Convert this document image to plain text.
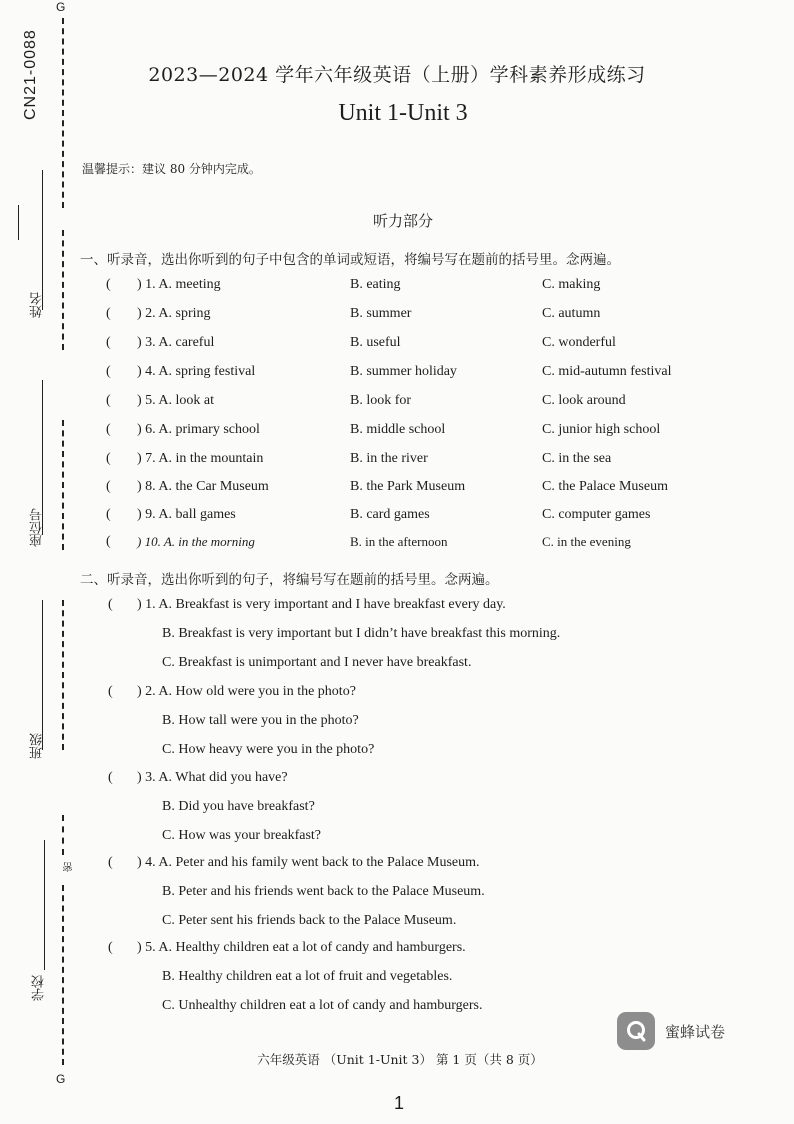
CN21-0088
G
姓名
座位号
班级
密
学校
G
2023—2024 学年六年级英语（上册）学科素养形成练习
Unit 1-Unit 3
温馨提示：建议 80 分钟内完成。
听力部分
一、听录音，选出你听到的句子中包含的单词或短语，将编号写在题前的括号里。念两遍。
( ) 1. A. meeting	B. eating	C. making
( ) 2. A. spring	B. summer	C. autumn
( ) 3. A. careful	B. useful	C. wonderful
( ) 4. A. spring festival	B. summer holiday	C. mid-autumn festival
( ) 5. A. look at	B. look for	C. look around
( ) 6. A. primary school	B. middle school	C. junior high school
( ) 7. A. in the mountain	B. in the river	C. in the sea
( ) 8. A. the Car Museum	B. the Park Museum	C. the Palace Museum
( ) 9. A. ball games	B. card games	C. computer games
( ) 10. A. in the morning	B. in the afternoon	C. in the evening
二、听录音，选出你听到的句子，将编号写在题前的括号里。念两遍。
( ) 1. A. Breakfast is very important and I have breakfast every day.
B. Breakfast is very important but I didn’t have breakfast this morning.
C. Breakfast is unimportant and I never have breakfast.
( ) 2. A. How old were you in the photo?
B. How tall were you in the photo?
C. How heavy were you in the photo?
( ) 3. A. What did you have?
B. Did you have breakfast?
C. How was your breakfast?
( ) 4. A. Peter and his family went back to the Palace Museum.
B. Peter and his friends went back to the Palace Museum.
C. Peter sent his friends back to the Palace Museum.
( ) 5. A. Healthy children eat a lot of candy and hamburgers.
B. Healthy children eat a lot of fruit and vegetables.
C. Unhealthy children eat a lot of candy and hamburgers.
蜜蜂试卷
六年级英语 （Unit 1-Unit 3） 第 1 页（共 8 页）
1
